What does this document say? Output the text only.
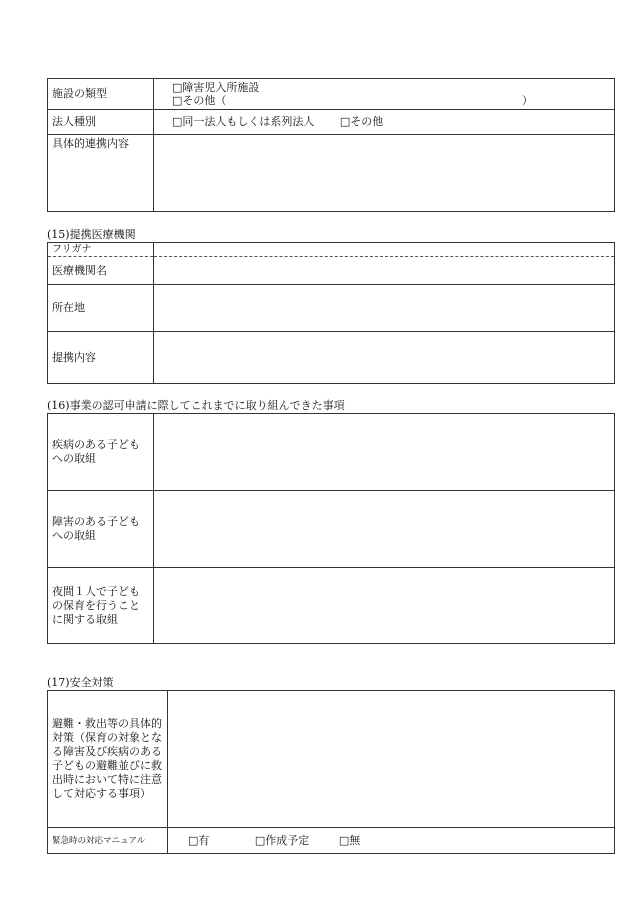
施設の類型	□障害児入所施設
□その他（ ）

法人種別	□同一法人もしくは系列法人 □その他
具体的連携内容	
(15)提携医療機関
フリガナ	
医療機関名	
所在地	
提携内容	
(16)事業の認可申請に際してこれまでに取り組んできた事項
疾病のある子どもへの取組	
障害のある子どもへの取組	
夜間１人で子どもの保育を行うことに関する取組	
(17)安全対策
避難・救出等の具体的対策（保育の対象となる障害及び疾病のある子どもの避難並びに救出時において特に注意して対応する事項）	
緊急時の対応マニュアル	□有 □作成予定 □無
